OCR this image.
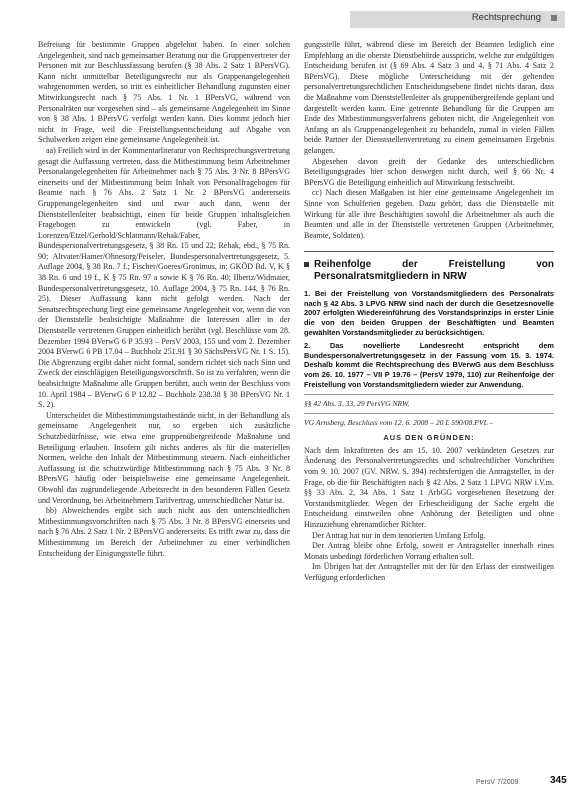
Rechtsprechung

Befreiung für bestimmte Gruppen abgelehnt haben. In einer solchen Angelegenheit, sind nach gemeinsamer Beratung nur die Gruppenvertreter der Personen mit zur Beschlussfassung berufen (§ 38 Abs. 2 Satz 1 BPersVG). Kann nicht unmittelbar Beteiligungsrecht nur als Gruppenangelegenheit wahrgenommen werden, so tritt es einheitlicher Behandlung zugunsten einer Mitwirkungsrecht nach § 75 Abs. 1 Nr. 1 BPersVG, während von Personalräten nur vorgesehen sind – als gemeinsame Angelegenheit im Sinne von § 38 Abs. 1 BPersVG verfolgt werden kann. Dies kommt jedoch hier nicht in Frage, weil die Freistellungsentscheidung auf Abgabe von Schulwerken zeigen eine gemeinsame Angelegenheit ist.

aa) Freilich wird in der Kommentarliteratur von Rechtsprechungsvertretung gesagt die Auffassung vertreten, dass die Mitbestimmung beim Arbeitnehmer Personalangelegenheiten für Arbeitnehmer nach § 75 Abs. 3 Nr. 8 BPersVG einerseits und der Mitbestimmung beim Inhalt von Personalfragebogen für Beamte nach § 76 Abs. 2 Satz 1 Nr. 2 BPersVG andererseits Gruppenangelegenheiten sind und zwar auch dann, wenn der Dienststellenleiter beabsichtigt, einen für beide Gruppen inhaltsgleichen Fragebogen zu entwickeln (vgl. Faber, in Lorenzen/Etzel/Gerhold/Schlatmann/Rehak/Faber, Bundespersonalvertretungsgesetz, § 38 Rn. 15 und 22; Rehak, ebd., § 75 Rn. 90; Altvater/Hamer/Ohnesorg/Peiseler, Bundespersonalvertretungsgesetz, 5. Auflage 2004, § 38 Rn. 7 f.; Fischer/Goeres/Gronimus, in: GKÖD Bd. V, K § 38 Rn. 6 und 19 f., K § 75 Rn. 97 a sowie K § 76 Rn. 40; Ilbertz/Widmaier, Bundespersonalvertretungsgesetz, 10. Auflage 2004, § 75 Rn. 144, § 76 Rn. 25). Dieser Auffassung kann nicht gefolgt werden. Nach der Senatsrechtsprechung liegt eine gemeinsame Angelegenheit vor, wenn die von der Dienststelle beabsichtigte Maßnahme die Interessen aller in der Dienststelle vertretenen Gruppen einheitlich berührt (vgl. Beschlüsse vom 28. Dezember 1994 BVerwG 6 P 35.93 – PersV 2003, 155 und vom 2. Dezember 2004 BVerwG 6 PB 17.04 – Buchholz 251.91 § 30 SächsPersVG Nr. 1 S. 15). Die Abgrenzung ergibt daher nicht formal, sondern richtet sich nach Sinn und Zweck der einschlägigen Beteiligungsvorschrift. So ist zu verfahren, wenn die beabsichtigte Maßnahme alle Gruppen berührt, auch wenn der Beschluss vom 10. April 1984 – BVerwG 6 P 12.82 – Buchholz 238.38 § 38 BPersVG Nr. 1 S. 2).

Unterscheidet die Mitbestimmungstatbestände nicht, in der Behandlung als gemeinsame Angelegenheit nur, so ergeben sich zusätzliche Schutzbedürfnisse, wie etwa eine gruppenübergreifende Maßnahme und Beteiligung erlauben. Insofern gilt nichts anderes als für die materiellen Normen, welche den Inhalt der Mitbestimmung steuern. Nach einheitlicher Auffassung ist die schutzwürdige Mitbestimmung nach § 75 Abs. 3 Nr. 8 BPersVG häufig oder beispielsweise eine gemeinsame Angelegenheit. Obwohl das zugrundeliegende Arbeitsrecht in den besonderen Fällen Gesetz und Verordnung, bei Arbeitnehmern Tarifvertrag, unterschiedlicher Natur ist.

bb) Abweichendes ergibt sich auch nicht aus den unterschiedlichen Mitbestimmungsvorschriften nach § 75 Abs. 3 Nr. 8 BPersVG einerseits und nach § 76 Abs. 2 Satz 1 Nr. 2 BPersVG andererseits. Es trifft zwar zu, dass die Mitbestimmung im Bereich der Arbeitnehmer zu einer verbindlichen Entscheidung der Einigungsstelle führt.

gungsstelle führt, während diese im Bereich der Beamten lediglich eine Empfehlung an die oberste Dienstbehörde ausspricht, welche zur endgültigen Entscheidung berufen ist (§ 69 Abs. 4 Satz 3 und 4, § 71 Abs. 4 Satz 2 BPersVG). Diese mögliche Unterscheidung mit der geltenden personalvertretungsrechtlichen Entscheidungsebene findet nichts daran, dass die Maßnahme vom Dienststellenleiter als gruppenübergreifende geplant und dargestellt werden kann. Eine getrennte Behandlung für die Gruppen am Ende des Mitbestimmungsverfahrens geboten nicht, die Angelegenheit von Anfang an als Gruppenangelegenheit zu behandeln, zumal in vielen Fällen beide Partner der Dienststellenvertretung zu einem gemeinsamen Ergebnis gelangen.

Abgesehen davon greift der Gedanke des unterschiedlichen Beteiligungsgrades hier schon deswegen nicht durch, weil § 66 Nr. 4 BPersVG die Beteiligung einheitlich auf Mitwirkung festschreibt.

cc) Nach diesen Maßgaben ist hier eine gemeinsame Angelegenheit im Sinne von Schulferien gegeben. Dazu gehört, dass die Dienststelle mit Wirkung für alle ihre Beschäftigten sowohl die Arbeitnehmer als auch die Beamten und alle in der Dienststelle vertretenen Gruppen (Arbeitnehmer, Beamte, Soldaten).

Reihenfolge der Freistellung von Personalratsmitgliedern in NRW

1. Bei der Freistellung von Vorstandsmitgliedern des Personalrats nach § 42 Abs. 3 LPVG NRW sind nach der durch die Gesetzesnovelle 2007 erfolgten Wiedereinführung des Vorstandsprinzips in erster Linie die von den beiden Gruppen der Beschäftigten und Beamten gewählten Vorstandsmitglieder zu berücksichtigen.

2. Das novellierte Landesrecht entspricht dem Bundespersonalvertretungsgesetz in der Fassung vom 15. 3. 1974. Deshalb kommt die Rechtsprechung des BVerwG aus dem Beschluss vom 26. 10. 1977 – VII P 19.76 – (PersV 1979, 110) zur Reihenfolge der Freistellung von Vorstandsmitgliedern wieder zur Anwendung.

§§ 42 Abs. 3, 33, 29 PersVG NRW.
VG Arnsberg, Beschluss vom 12. 6. 2008 – 20 L 590/08.PVL –
AUS DEN GRÜNDEN:

Nach dem Inkrafttreten des am 15. 10. 2007 verkündeten Gesetzes zur Änderung des Personalvertretungsrechts und schulrechtlicher Vorschriften vom 9. 10. 2007 (GV. NRW. S. 394) rechtsfertigen die Antragsteller, in der Frage, ob die für Beschäftigten nach § 42 Abs. 2 Satz 1 LPVG NRW i.V.m. §§ 33 Abs. 2, 34 Abs. 1 Satz 1 ArbGG vorgesehenen Besetzung der Vorstandsmitglieder. Wegen der Erbescheidigung der Sache ergeht die Entscheidung einstweilen ohne Anhörung der Beteiligten und ohne Hinzuziehung ehrenamtlicher Richter.

Der Antrag hat nur in dem tenorierten Umfang Erfolg.

Der Antrag bleibt ohne Erfolg, soweit er Antragsteller innerhalb eines Monats unbedingt förderlichen Vorrang erhalten soll.

Im Übrigen hat der Antragsteller mit der für den Erlass der einstweiligen Verfügung erforderlichen

PersV 7/2009	345
